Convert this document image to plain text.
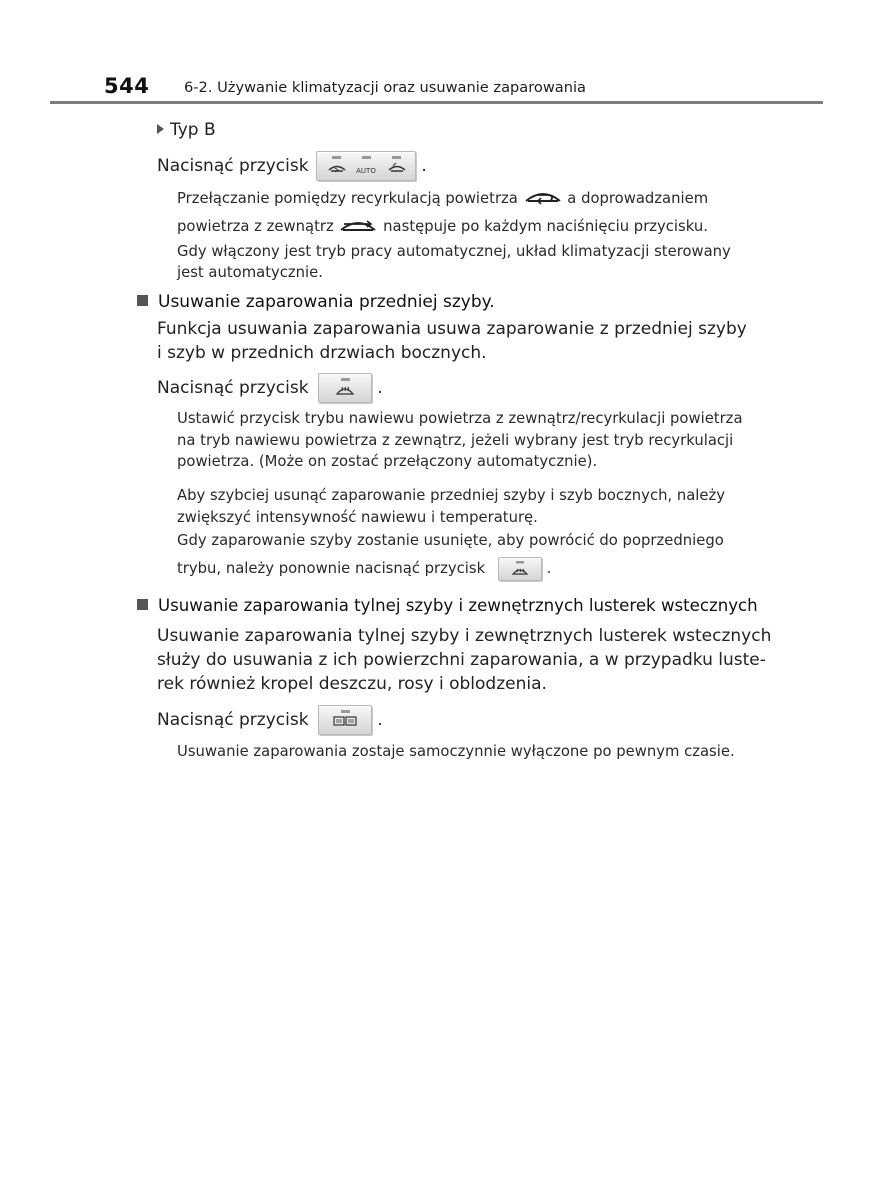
544 6-2. Używanie klimatyzacji oraz usuwanie zaparowania
Typ B
Nacisnąć przycisk	AUTO	.
Przełączanie pomiędzy recyrkulacją powietrza	a doprowadzaniem
powietrza z zewnątrz	następuje po każdym naciśnięciu przycisku.
Gdy włączony jest tryb pracy automatycznej, układ klimatyzacji sterowany
jest automatycznie.
Usuwanie zaparowania przedniej szyby.
Funkcja usuwania zaparowania usuwa zaparowanie z przedniej szyby
i szyb w przednich drzwiach bocznych.
Nacisnąć przycisk	.
Ustawić przycisk trybu nawiewu powietrza z zewnątrz/recyrkulacji powietrza
na tryb nawiewu powietrza z zewnątrz, jeżeli wybrany jest tryb recyrkulacji
powietrza. (Może on zostać przełączony automatycznie).
Aby szybciej usunąć zaparowanie przedniej szyby i szyb bocznych, należy
zwiększyć intensywność nawiewu i temperaturę.
Gdy zaparowanie szyby zostanie usunięte, aby powrócić do poprzedniego
trybu, należy ponownie nacisnąć przycisk	.
Usuwanie zaparowania tylnej szyby i zewnętrznych lusterek wstecznych
Usuwanie zaparowania tylnej szyby i zewnętrznych lusterek wstecznych
służy do usuwania z ich powierzchni zaparowania, a w przypadku luste-
rek również kropel deszczu, rosy i oblodzenia.
Nacisnąć przycisk	.
Usuwanie zaparowania zostaje samoczynnie wyłączone po pewnym czasie.
